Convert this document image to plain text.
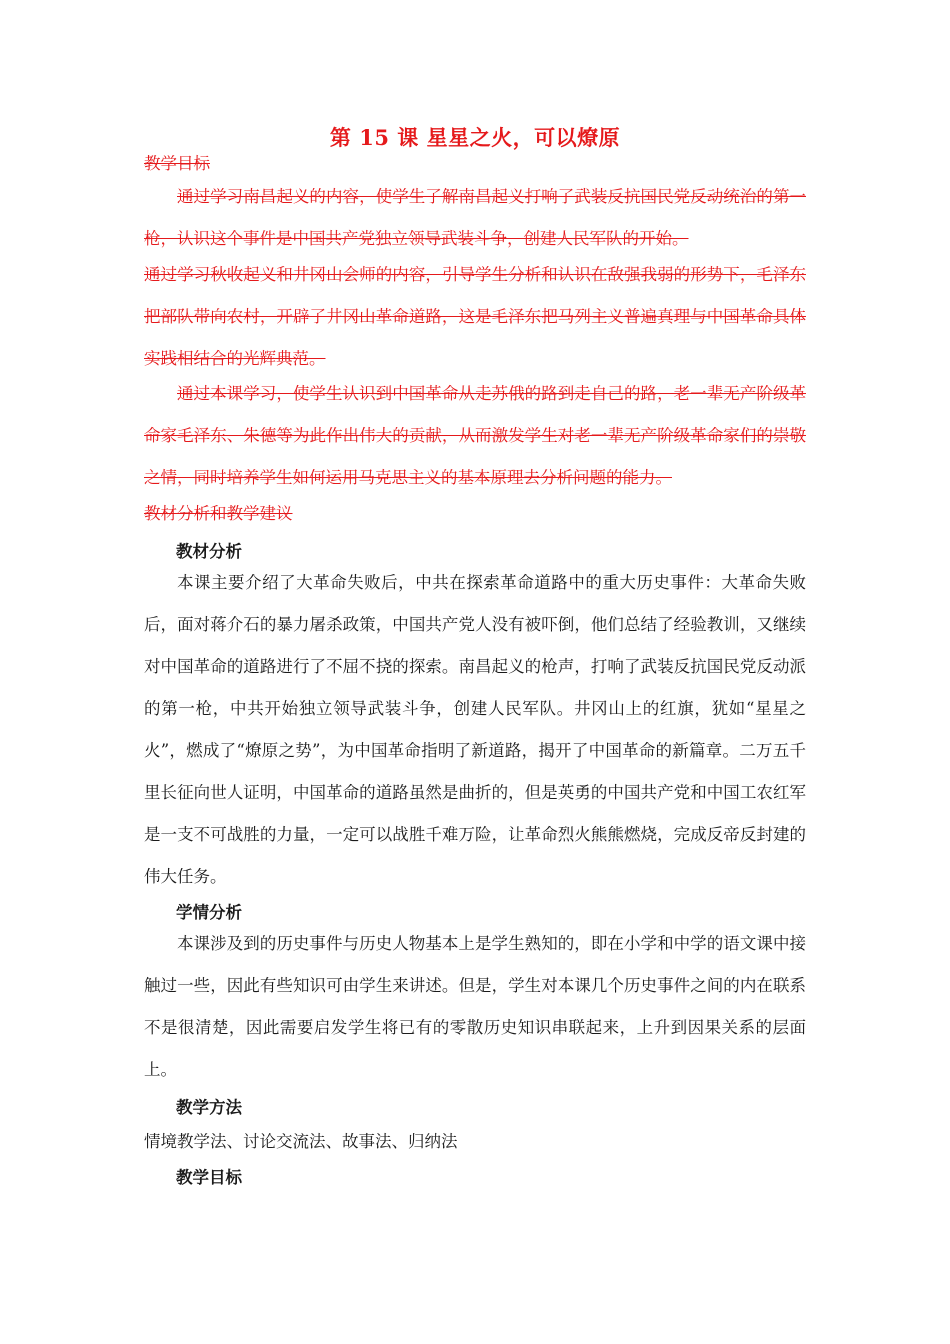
第 15 课 星星之火，可以燎原
教学目标

通过学习南昌起义的内容，使学生了解南昌起义打响了武装反抗国民党反动统治的第一枪，认识这个事件是中国共产党独立领导武装斗争，创建人民军队的开始。

通过学习秋收起义和井冈山会师的内容，引导学生分析和认识在敌强我弱的形势下，毛泽东把部队带向农村，开辟了井冈山革命道路，这是毛泽东把马列主义普遍真理与中国革命具体实践相结合的光辉典范。

通过本课学习，使学生认识到中国革命从走苏俄的路到走自己的路，老一辈无产阶级革命家毛泽东、朱德等为此作出伟大的贡献，从而激发学生对老一辈无产阶级革命家们的崇敬之情，同时培养学生如何运用马克思主义的基本原理去分析问题的能力。

教材分析和教学建议
教材分析

本课主要介绍了大革命失败后，中共在探索革命道路中的重大历史事件：大革命失败后，面对蒋介石的暴力屠杀政策，中国共产党人没有被吓倒，他们总结了经验教训，又继续对中国革命的道路进行了不屈不挠的探索。南昌起义的枪声，打响了武装反抗国民党反动派的第一枪，中共开始独立领导武装斗争，创建人民军队。井冈山上的红旗，犹如“星星之火”，燃成了“燎原之势”，为中国革命指明了新道路，揭开了中国革命的新篇章。二万五千里长征向世人证明，中国革命的道路虽然是曲折的，但是英勇的中国共产党和中国工农红军是一支不可战胜的力量，一定可以战胜千难万险，让革命烈火熊熊燃烧，完成反帝反封建的伟大任务。

学情分析

本课涉及到的历史事件与历史人物基本上是学生熟知的，即在小学和中学的语文课中接触过一些，因此有些知识可由学生来讲述。但是，学生对本课几个历史事件之间的内在联系不是很清楚，因此需要启发学生将已有的零散历史知识串联起来，上升到因果关系的层面上。

教学方法
情境教学法、讨论交流法、故事法、归纳法
教学目标
